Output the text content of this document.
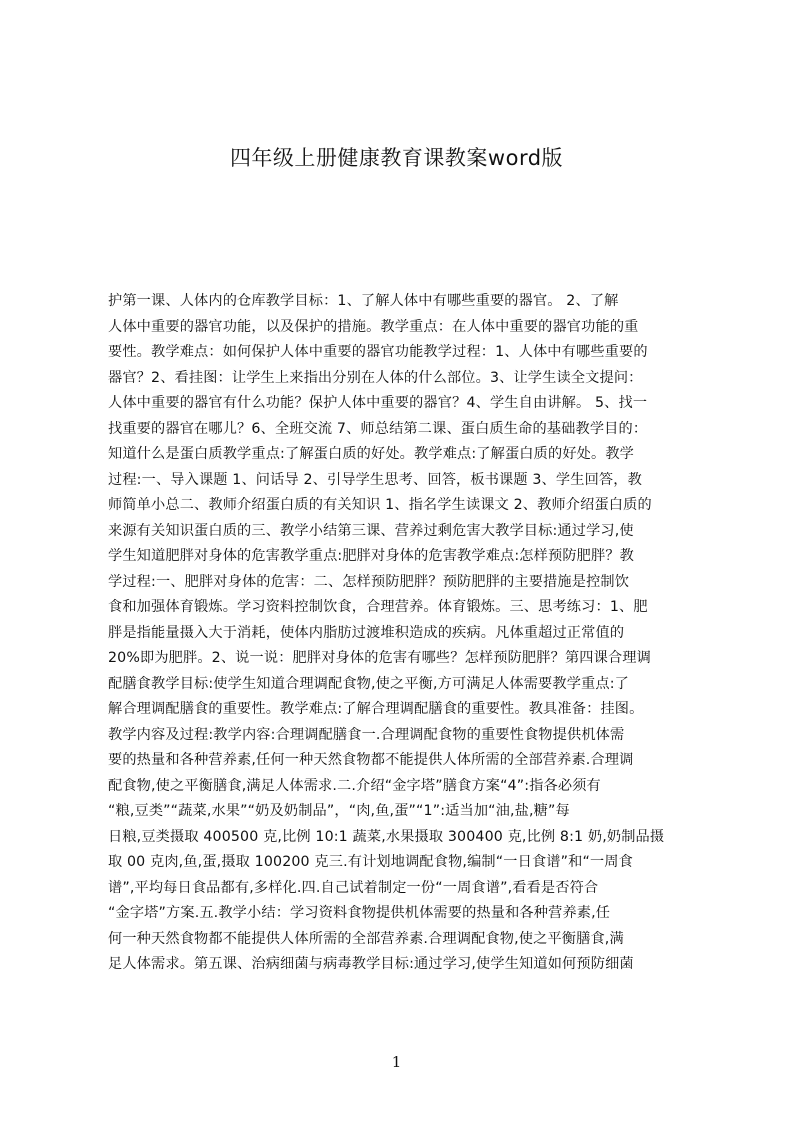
四年级上册健康教育课教案word版
护第一课、人体内的仓库教学目标：1、了解人体中有哪些重要的器官。 2、了解
人体中重要的器官功能，以及保护的措施。教学重点：在人体中重要的器官功能的重
要性。教学难点：如何保护人体中重要的器官功能教学过程：1、人体中有哪些重要的
器官？2、看挂图：让学生上来指出分别在人体的什么部位。3、让学生读全文提问：
人体中重要的器官有什么功能？保护人体中重要的器官？4、学生自由讲解。 5、找一
找重要的器官在哪儿？6、全班交流 7、师总结第二课、蛋白质生命的基础教学目的：
知道什么是蛋白质教学重点:了解蛋白质的好处。教学难点:了解蛋白质的好处。教学
过程:一、导入课题 1、问话导 2、引导学生思考、回答，板书课题 3、学生回答，教
师简单小总二、教师介绍蛋白质的有关知识 1、指名学生读课文 2、教师介绍蛋白质的
来源有关知识蛋白质的三、教学小结第三课、营养过剩危害大教学目标:通过学习,使
学生知道肥胖对身体的危害教学重点:肥胖对身体的危害教学难点:怎样预防肥胖？教
学过程:一、肥胖对身体的危害：二、怎样预防肥胖？预防肥胖的主要措施是控制饮
食和加强体育锻炼。学习资料控制饮食，合理营养。体育锻炼。三、思考练习：1、肥
胖是指能量摄入大于消耗，使体内脂肪过渡堆积造成的疾病。凡体重超过正常值的
20%即为肥胖。2、说一说：肥胖对身体的危害有哪些？怎样预防肥胖？第四课合理调
配膳食教学目标:使学生知道合理调配食物,使之平衡,方可满足人体需要教学重点:了
解合理调配膳食的重要性。教学难点:了解合理调配膳食的重要性。教具准备：挂图。
教学内容及过程:教学内容:合理调配膳食一.合理调配食物的重要性食物提供机体需
要的热量和各种营养素,任何一种天然食物都不能提供人体所需的全部营养素.合理调
配食物,使之平衡膳食,满足人体需求.二.介绍“金字塔”膳食方案“4”:指各必须有
“粮,豆类”“蔬菜,水果”“奶及奶制品”，“肉,鱼,蛋”“1”:适当加“油,盐,糖”每
日粮,豆类摄取 400500 克,比例 10:1 蔬菜,水果摄取 300400 克,比例 8:1 奶,奶制品摄
取 00 克肉,鱼,蛋,摄取 100200 克三.有计划地调配食物,编制“一日食谱”和“一周食
谱”,平均每日食品都有,多样化.四.自己试着制定一份“一周食谱”,看看是否符合
“金字塔”方案.五.教学小结：学习资料食物提供机体需要的热量和各种营养素,任
何一种天然食物都不能提供人体所需的全部营养素.合理调配食物,使之平衡膳食,满
足人体需求。第五课、治病细菌与病毒教学目标:通过学习,使学生知道如何预防细菌
1
